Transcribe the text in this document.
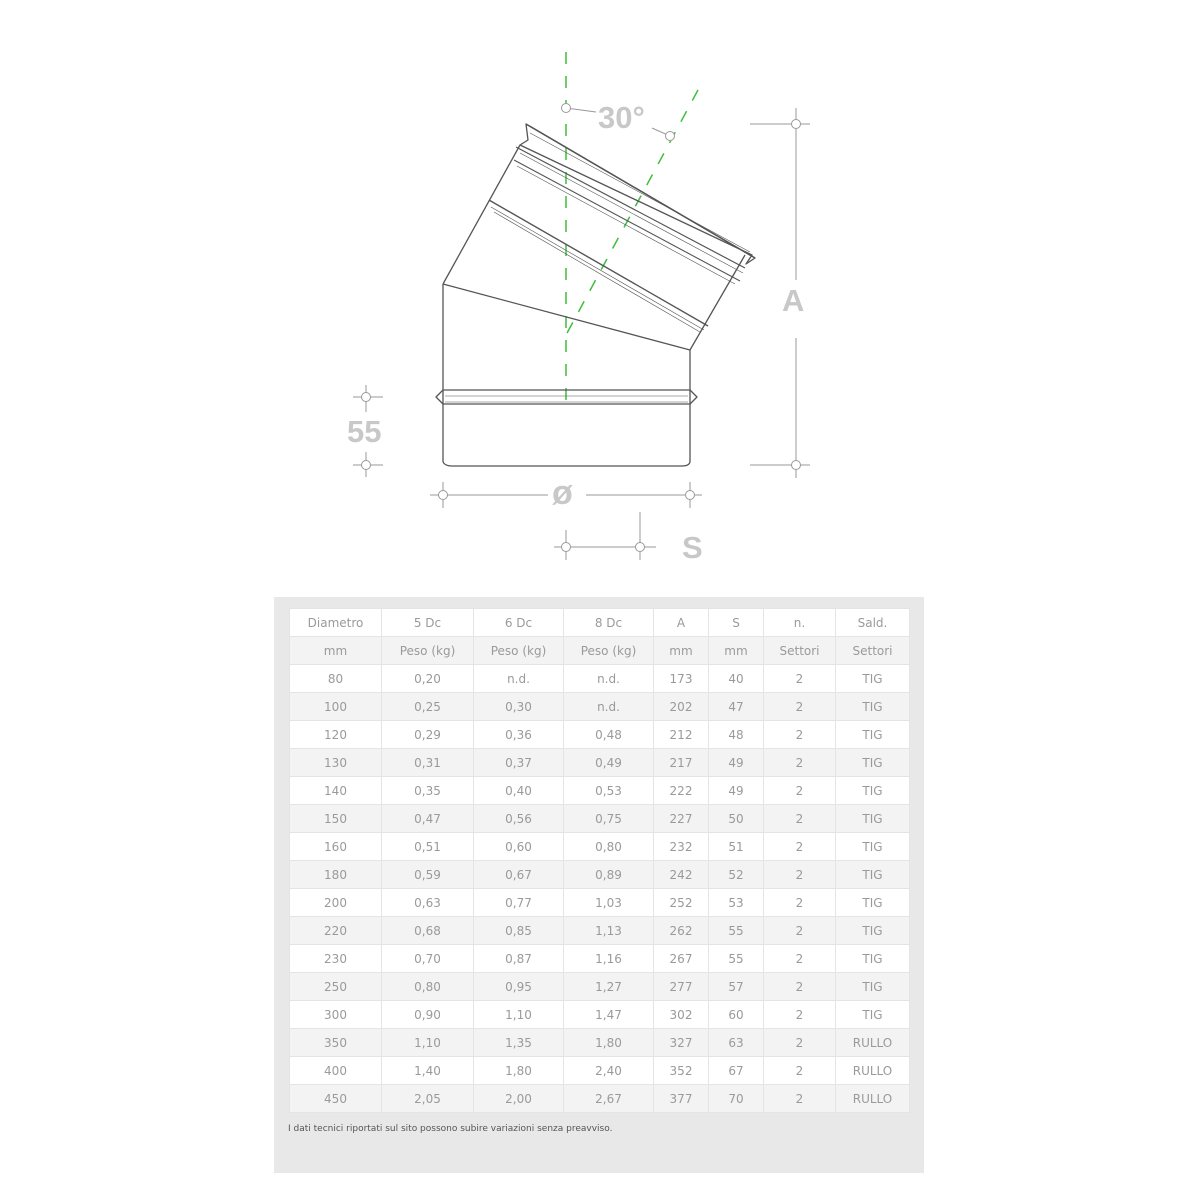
30°
A
55
ø
S
Diametro	5 Dc	6 Dc	8 Dc	A	S	n.	Sald.
mm	Peso (kg)	Peso (kg)	Peso (kg)	mm	mm	Settori	Settori
80	0,20	n.d.	n.d.	173	40	2	TIG
100	0,25	0,30	n.d.	202	47	2	TIG
120	0,29	0,36	0,48	212	48	2	TIG
130	0,31	0,37	0,49	217	49	2	TIG
140	0,35	0,40	0,53	222	49	2	TIG
150	0,47	0,56	0,75	227	50	2	TIG
160	0,51	0,60	0,80	232	51	2	TIG
180	0,59	0,67	0,89	242	52	2	TIG
200	0,63	0,77	1,03	252	53	2	TIG
220	0,68	0,85	1,13	262	55	2	TIG
230	0,70	0,87	1,16	267	55	2	TIG
250	0,80	0,95	1,27	277	57	2	TIG
300	0,90	1,10	1,47	302	60	2	TIG
350	1,10	1,35	1,80	327	63	2	RULLO
400	1,40	1,80	2,40	352	67	2	RULLO
450	2,05	2,00	2,67	377	70	2	RULLO
I dati tecnici riportati sul sito possono subire variazioni senza preavviso.
